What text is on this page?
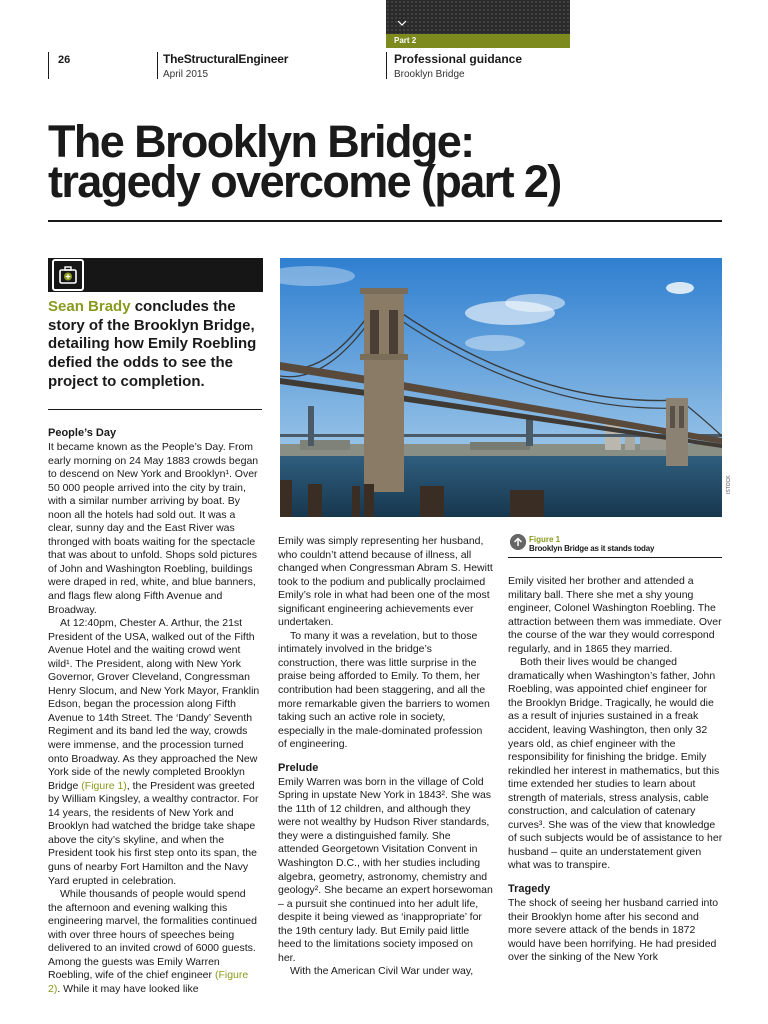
Part 2
26	TheStructuralEngineer
April 2015
Professional guidance
Brooklyn Bridge
The Brooklyn Bridge:
tragedy overcome (part 2)
Sean Brady concludes the story of the Brooklyn Bridge, detailing how Emily Roebling defied the odds to see the project to completion.
People’s Day

It became known as the People’s Day. From early morning on 24 May 1883 crowds began to descend on New York and Brooklyn¹. Over 50 000 people arrived into the city by train, with a similar number arriving by boat. By noon all the hotels had sold out. It was a clear, sunny day and the East River was thronged with boats waiting for the spectacle that was about to unfold. Shops sold pictures of John and Washington Roebling, buildings were draped in red, white, and blue banners, and flags flew along Fifth Avenue and Broadway.

At 12:40pm, Chester A. Arthur, the 21st President of the USA, walked out of the Fifth Avenue Hotel and the waiting crowd went wild¹. The President, along with New York Governor, Grover Cleveland, Congressman Henry Slocum, and New York Mayor, Franklin Edson, began the procession along Fifth Avenue to 14th Street. The ‘Dandy’ Seventh Regiment and its band led the way, crowds were immense, and the procession turned onto Broadway. As they approached the New York side of the newly completed Brooklyn Bridge (Figure 1), the President was greeted by William Kingsley, a wealthy contractor. For 14 years, the residents of New York and Brooklyn had watched the bridge take shape above the city’s skyline, and when the President took his first step onto its span, the guns of nearby Fort Hamilton and the Navy Yard erupted in celebration.

While thousands of people would spend the afternoon and evening walking this engineering marvel, the formalities continued with over three hours of speeches being delivered to an invited crowd of 6000 guests. Among the guests was Emily Warren Roebling, wife of the chief engineer (Figure 2). While it may have looked like

ISTOCK
Figure 1
Brooklyn Bridge as it stands today

Emily was simply representing her husband, who couldn’t attend because of illness, all changed when Congressman Abram S. Hewitt took to the podium and publically proclaimed Emily’s role in what had been one of the most significant engineering achievements ever undertaken.

To many it was a revelation, but to those intimately involved in the bridge’s construction, there was little surprise in the praise being afforded to Emily. To them, her contribution had been staggering, and all the more remarkable given the barriers to women taking such an active role in society, especially in the male-dominated profession of engineering.

Prelude

Emily Warren was born in the village of Cold Spring in upstate New York in 1843². She was the 11th of 12 children, and although they were not wealthy by Hudson River standards, they were a distinguished family. She attended Georgetown Visitation Convent in Washington D.C., with her studies including algebra, geometry, astronomy, chemistry and geology². She became an expert horsewoman – a pursuit she continued into her adult life, despite it being viewed as ‘inappropriate’ for the 19th century lady. But Emily paid little heed to the limitations society imposed on her.

With the American Civil War under way,

Emily visited her brother and attended a military ball. There she met a shy young engineer, Colonel Washington Roebling. The attraction between them was immediate. Over the course of the war they would correspond regularly, and in 1865 they married.

Both their lives would be changed dramatically when Washington’s father, John Roebling, was appointed chief engineer for the Brooklyn Bridge. Tragically, he would die as a result of injuries sustained in a freak accident, leaving Washington, then only 32 years old, as chief engineer with the responsibility for finishing the bridge. Emily rekindled her interest in mathematics, but this time extended her studies to learn about strength of materials, stress analysis, cable construction, and calculation of catenary curves³. She was of the view that knowledge of such subjects would be of assistance to her husband – quite an understatement given what was to transpire.

Tragedy

The shock of seeing her husband carried into their Brooklyn home after his second and more severe attack of the bends in 1872 would have been horrifying. He had presided over the sinking of the New York
